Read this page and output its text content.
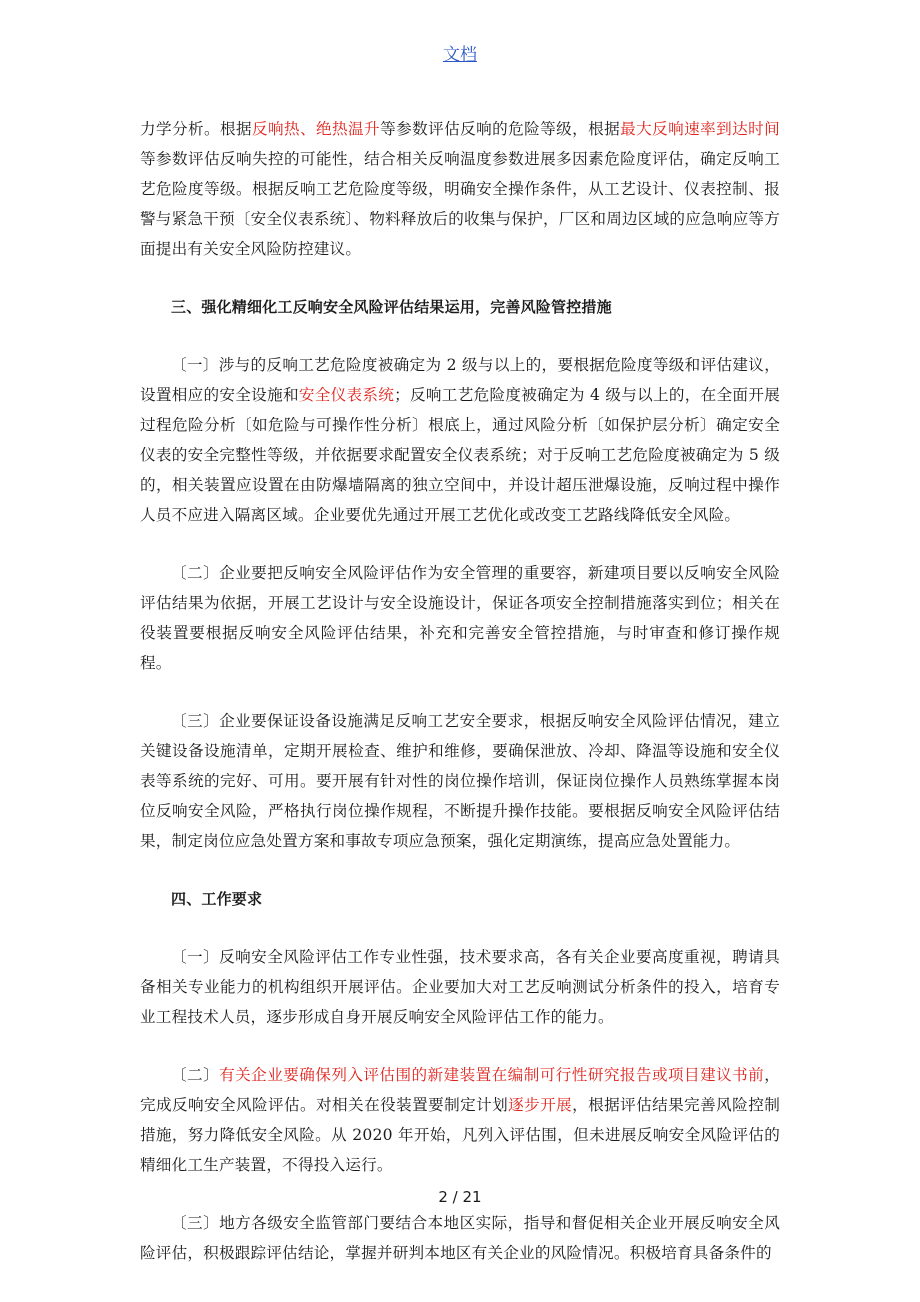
文档

力学分析。根据反响热、绝热温升等参数评估反响的危险等级，根据最大反响速率到达时间等参数评估反响失控的可能性，结合相关反响温度参数进展多因素危险度评估，确定反响工艺危险度等级。根据反响工艺危险度等级，明确安全操作条件，从工艺设计、仪表控制、报警与紧急干预〔安全仪表系统〕、物料释放后的收集与保护，厂区和周边区域的应急响应等方面提出有关安全风险防控建议。

三、强化精细化工反响安全风险评估结果运用，完善风险管控措施

〔一〕涉与的反响工艺危险度被确定为 2 级与以上的，要根据危险度等级和评估建议，设置相应的安全设施和安全仪表系统；反响工艺危险度被确定为 4 级与以上的，在全面开展过程危险分析〔如危险与可操作性分析〕根底上，通过风险分析〔如保护层分析〕确定安全仪表的安全完整性等级，并依据要求配置安全仪表系统；对于反响工艺危险度被确定为 5 级的，相关装置应设置在由防爆墙隔离的独立空间中，并设计超压泄爆设施，反响过程中操作人员不应进入隔离区域。企业要优先通过开展工艺优化或改变工艺路线降低安全风险。

〔二〕企业要把反响安全风险评估作为安全管理的重要容，新建项目要以反响安全风险评估结果为依据，开展工艺设计与安全设施设计，保证各项安全控制措施落实到位；相关在役装置要根据反响安全风险评估结果，补充和完善安全管控措施，与时审查和修订操作规程。

〔三〕企业要保证设备设施满足反响工艺安全要求，根据反响安全风险评估情况，建立关键设备设施清单，定期开展检查、维护和维修，要确保泄放、冷却、降温等设施和安全仪表等系统的完好、可用。要开展有针对性的岗位操作培训，保证岗位操作人员熟练掌握本岗位反响安全风险，严格执行岗位操作规程，不断提升操作技能。要根据反响安全风险评估结果，制定岗位应急处置方案和事故专项应急预案，强化定期演练，提高应急处置能力。

四、工作要求

〔一〕反响安全风险评估工作专业性强，技术要求高，各有关企业要高度重视，聘请具备相关专业能力的机构组织开展评估。企业要加大对工艺反响测试分析条件的投入，培育专业工程技术人员，逐步形成自身开展反响安全风险评估工作的能力。

〔二〕有关企业要确保列入评估围的新建装置在编制可行性研究报告或项目建议书前，完成反响安全风险评估。对相关在役装置要制定计划逐步开展，根据评估结果完善风险控制措施，努力降低安全风险。从 2020 年开始，凡列入评估围，但未进展反响安全风险评估的精细化工生产装置，不得投入运行。

〔三〕地方各级安全监管部门要结合本地区实际，指导和督促相关企业开展反响安全风险评估，积极跟踪评估结论，掌握并研判本地区有关企业的风险情况。积极培育具备条件的

2 / 21
